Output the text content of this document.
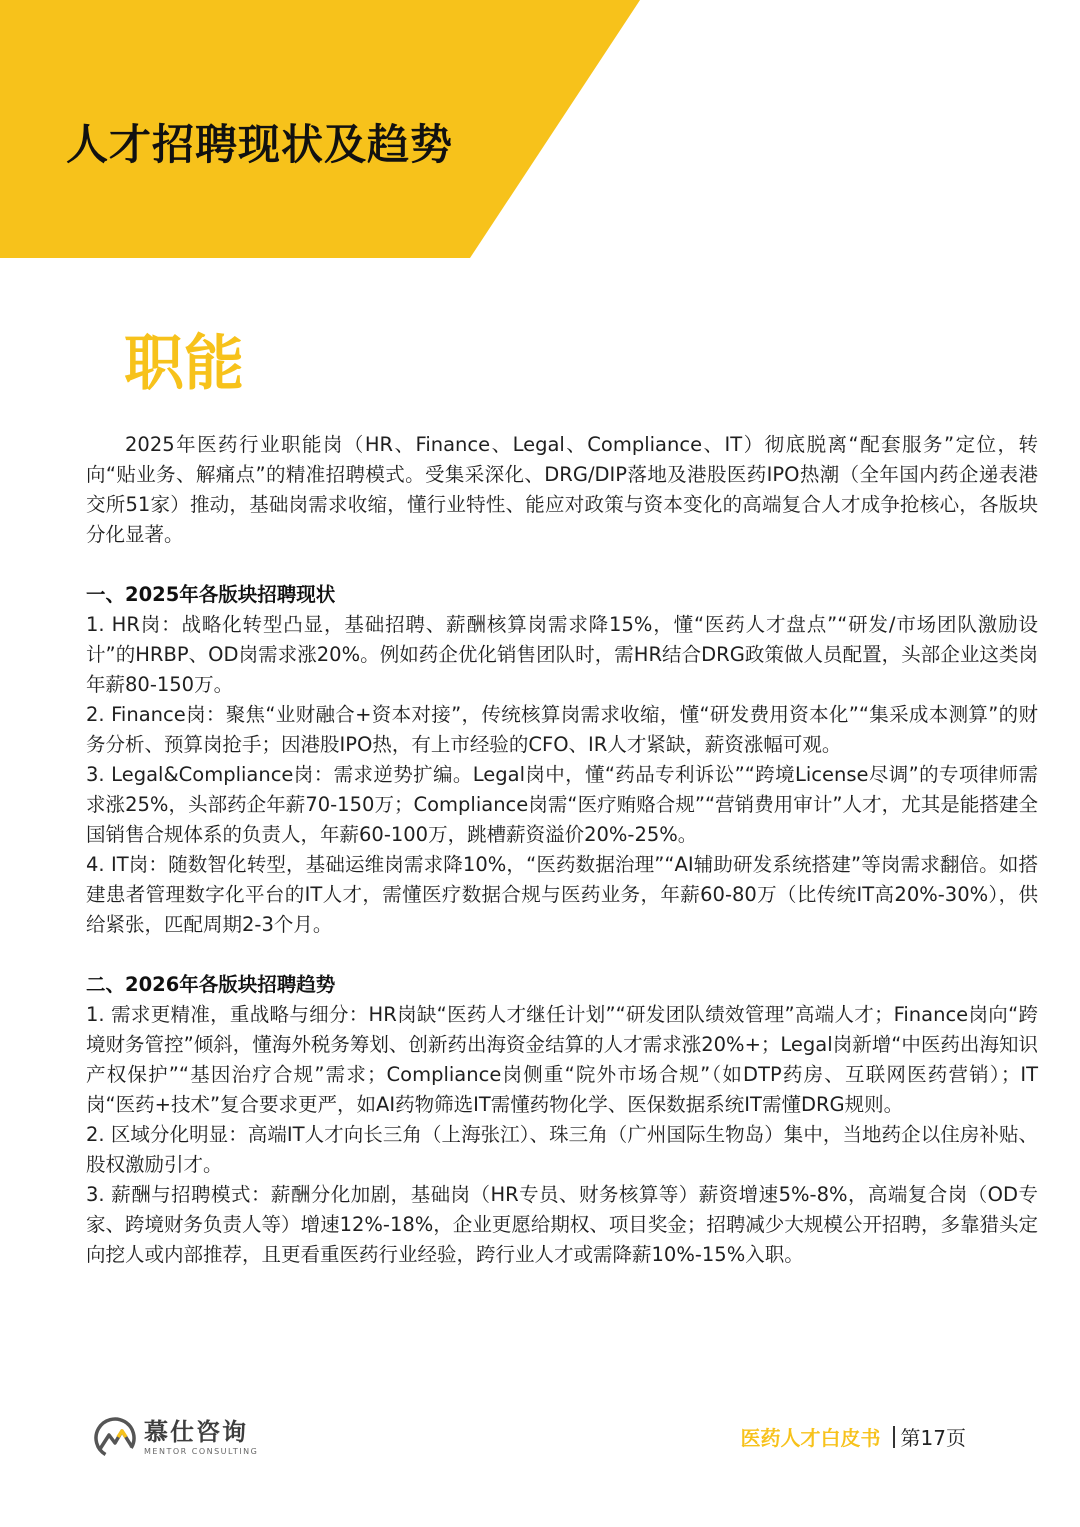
人才招聘现状及趋势
职能

2025年医药行业职能岗（HR、Finance、Legal、Compliance、IT）彻底脱离“配套服务”定位，转向“贴业务、解痛点”的精准招聘模式。受集采深化、DRG/DIP落地及港股医药IPO热潮（全年国内药企递表港交所51家）推动，基础岗需求收缩，懂行业特性、能应对政策与资本变化的高端复合人才成争抢核心，各版块分化显著。

一、2025年各版块招聘现状

1. HR岗：战略化转型凸显，基础招聘、薪酬核算岗需求降15%，懂“医药人才盘点”“研发/市场团队激励设计”的HRBP、OD岗需求涨20%。例如药企优化销售团队时，需HR结合DRG政策做人员配置，头部企业这类岗年薪80-150万。

2. Finance岗：聚焦“业财融合+资本对接”，传统核算岗需求收缩，懂“研发费用资本化”“集采成本测算”的财务分析、预算岗抢手；因港股IPO热，有上市经验的CFO、IR人才紧缺，薪资涨幅可观。

3. Legal&Compliance岗：需求逆势扩编。Legal岗中，懂“药品专利诉讼”“跨境License尽调”的专项律师需求涨25%，头部药企年薪70-150万；Compliance岗需“医疗贿赂合规”“营销费用审计”人才，尤其是能搭建全国销售合规体系的负责人，年薪60-100万，跳槽薪资溢价20%-25%。

4. IT岗：随数智化转型，基础运维岗需求降10%，“医药数据治理”“AI辅助研发系统搭建”等岗需求翻倍。如搭建患者管理数字化平台的IT人才，需懂医疗数据合规与医药业务，年薪60-80万（比传统IT高20%-30%），供给紧张，匹配周期2-3个月。

二、2026年各版块招聘趋势

1. 需求更精准，重战略与细分：HR岗缺“医药人才继任计划”“研发团队绩效管理”高端人才；Finance岗向“跨境财务管控”倾斜，懂海外税务筹划、创新药出海资金结算的人才需求涨20%+；Legal岗新增“中医药出海知识产权保护”“基因治疗合规”需求；Compliance岗侧重“院外市场合规”（如DTP药房、互联网医药营销）；IT岗“医药+技术”复合要求更严，如AI药物筛选IT需懂药物化学、医保数据系统IT需懂DRG规则。

2. 区域分化明显：高端IT人才向长三角（上海张江）、珠三角（广州国际生物岛）集中，当地药企以住房补贴、股权激励引才。

3. 薪酬与招聘模式：薪酬分化加剧，基础岗（HR专员、财务核算等）薪资增速5%-8%，高端复合岗（OD专家、跨境财务负责人等）增速12%-18%，企业更愿给期权、项目奖金；招聘减少大规模公开招聘，多靠猎头定向挖人或内部推荐，且更看重医药行业经验，跨行业人才或需降薪10%-15%入职。

慕仕咨询
MENTOR CONSULTING
医药人才白皮书 第17页
